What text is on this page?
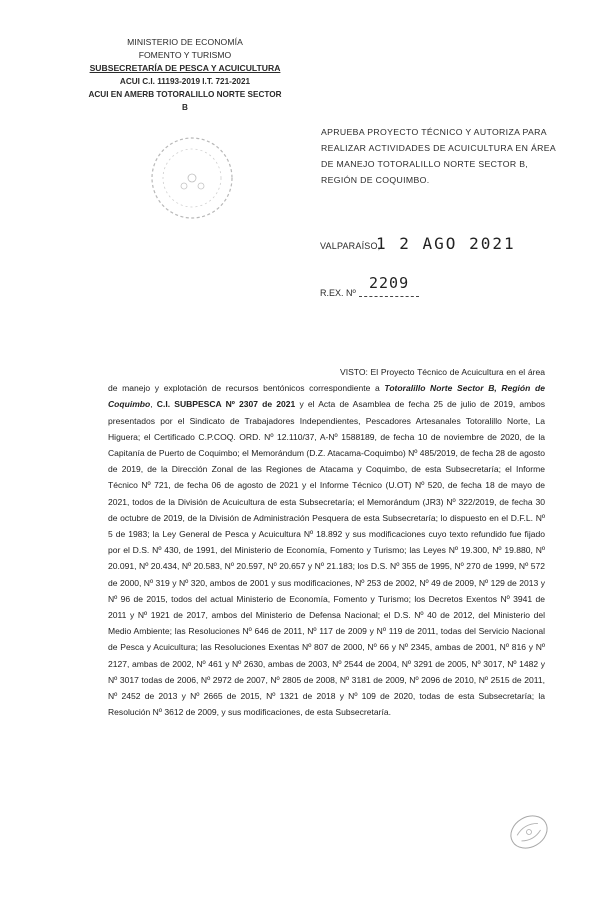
MINISTERIO DE ECONOMÍA
FOMENTO Y TURISMO
SUBSECRETARÍA DE PESCA Y ACUICULTURA
ACUI C.I. 11193-2019 I.T. 721-2021
ACUI EN AMERB TOTORALILLO NORTE SECTOR B
APRUEBA PROYECTO TÉCNICO Y AUTORIZA PARA REALIZAR ACTIVIDADES DE ACUICULTURA EN ÁREA DE MANEJO TOTORALILLO NORTE SECTOR B, REGIÓN DE COQUIMBO.
VALPARAÍSO,
1 2 AGO 2021
R.EX. Nº
2209
VISTO: El Proyecto Técnico de Acuicultura en el área de manejo y explotación de recursos bentónicos correspondiente a Totoralillo Norte Sector B, Región de Coquimbo, C.I. SUBPESCA Nº 2307 de 2021 y el Acta de Asamblea de fecha 25 de julio de 2019, ambos presentados por el Sindicato de Trabajadores Independientes, Pescadores Artesanales Totoralillo Norte, La Higuera; el Certificado C.P.COQ. ORD. Nº 12.110/37, A-Nº 1588189, de fecha 10 de noviembre de 2020, de la Capitanía de Puerto de Coquimbo; el Memorándum (D.Z. Atacama-Coquimbo) Nº 485/2019, de fecha 28 de agosto de 2019, de la Dirección Zonal de las Regiones de Atacama y Coquimbo, de esta Subsecretaría; el Informe Técnico Nº 721, de fecha 06 de agosto de 2021 y el Informe Técnico (U.OT) Nº 520, de fecha 18 de mayo de 2021, todos de la División de Acuicultura de esta Subsecretaría; el Memorándum (JR3) Nº 322/2019, de fecha 30 de octubre de 2019, de la División de Administración Pesquera de esta Subsecretaría; lo dispuesto en el D.F.L. Nº 5 de 1983; la Ley General de Pesca y Acuicultura Nº 18.892 y sus modificaciones cuyo texto refundido fue fijado por el D.S. Nº 430, de 1991, del Ministerio de Economía, Fomento y Turismo; las Leyes Nº 19.300, Nº 19.880, Nº 20.091, Nº 20.434, Nº 20.583, Nº 20.597, Nº 20.657 y Nº 21.183; los D.S. Nº 355 de 1995, Nº 270 de 1999, Nº 572 de 2000, Nº 319 y Nº 320, ambos de 2001 y sus modificaciones, Nº 253 de 2002, Nº 49 de 2009, Nº 129 de 2013 y Nº 96 de 2015, todos del actual Ministerio de Economía, Fomento y Turismo; los Decretos Exentos Nº 3941 de 2011 y Nº 1921 de 2017, ambos del Ministerio de Defensa Nacional; el D.S. Nº 40 de 2012, del Ministerio del Medio Ambiente; las Resoluciones Nº 646 de 2011, Nº 117 de 2009 y Nº 119 de 2011, todas del Servicio Nacional de Pesca y Acuicultura; las Resoluciones Exentas Nº 807 de 2000, Nº 66 y Nº 2345, ambas de 2001, Nº 816 y Nº 2127, ambas de 2002, Nº 461 y Nº 2630, ambas de 2003, Nº 2544 de 2004, Nº 3291 de 2005, Nº 3017, Nº 1482 y Nº 3017 todas de 2006, Nº 2972 de 2007, Nº 2805 de 2008, Nº 3181 de 2009, Nº 2096 de 2010, Nº 2515 de 2011, Nº 2452 de 2013 y Nº 2665 de 2015, Nº 1321 de 2018 y Nº 109 de 2020, todas de esta Subsecretaría; la Resolución Nº 3612 de 2009, y sus modificaciones, de esta Subsecretaría.
